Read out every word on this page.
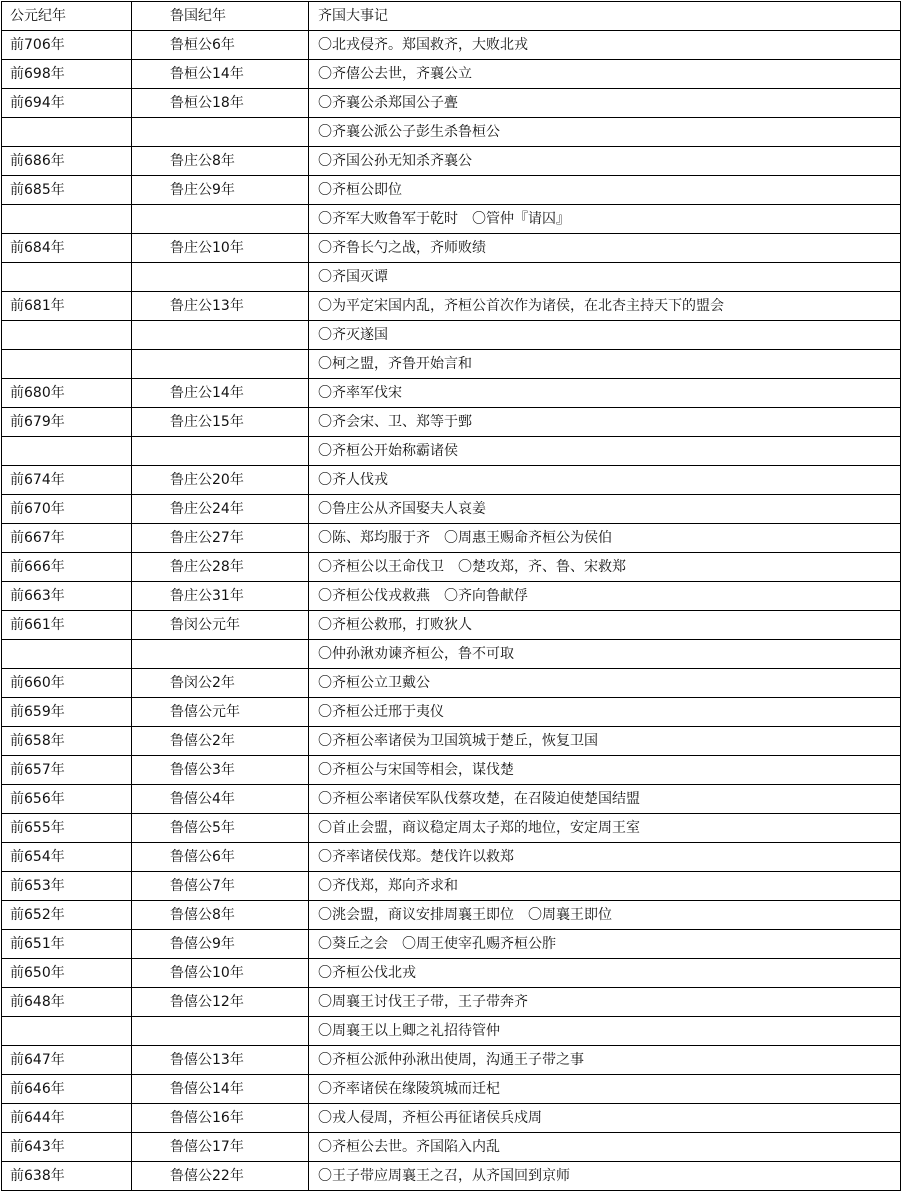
公元纪年	鲁国纪年	齐国大事记
前706年	鲁桓公6年	〇北戎侵齐。郑国救齐，大败北戎
前698年	鲁桓公14年	〇齐僖公去世，齐襄公立
前694年	鲁桓公18年	〇齐襄公杀郑国公子亹
		〇齐襄公派公子彭生杀鲁桓公
前686年	鲁庄公8年	〇齐国公孙无知杀齐襄公
前685年	鲁庄公9年	〇齐桓公即位
		〇齐军大败鲁军于乾时　〇管仲『请囚』
前684年	鲁庄公10年	〇齐鲁长勺之战，齐师败绩
		〇齐国灭谭
前681年	鲁庄公13年	〇为平定宋国内乱，齐桓公首次作为诸侯，在北杏主持天下的盟会
		〇齐灭遂国
		〇柯之盟，齐鲁开始言和
前680年	鲁庄公14年	〇齐率军伐宋
前679年	鲁庄公15年	〇齐会宋、卫、郑等于鄄
		〇齐桓公开始称霸诸侯
前674年	鲁庄公20年	〇齐人伐戎
前670年	鲁庄公24年	〇鲁庄公从齐国娶夫人哀姜
前667年	鲁庄公27年	〇陈、郑均服于齐　〇周惠王赐命齐桓公为侯伯
前666年	鲁庄公28年	〇齐桓公以王命伐卫　〇楚攻郑，齐、鲁、宋救郑
前663年	鲁庄公31年	〇齐桓公伐戎救燕　〇齐向鲁献俘
前661年	鲁闵公元年	〇齐桓公救邢，打败狄人
		〇仲孙湫劝谏齐桓公，鲁不可取
前660年	鲁闵公2年	〇齐桓公立卫戴公
前659年	鲁僖公元年	〇齐桓公迁邢于夷仪
前658年	鲁僖公2年	〇齐桓公率诸侯为卫国筑城于楚丘，恢复卫国
前657年	鲁僖公3年	〇齐桓公与宋国等相会，谋伐楚
前656年	鲁僖公4年	〇齐桓公率诸侯军队伐蔡攻楚，在召陵迫使楚国结盟
前655年	鲁僖公5年	〇首止会盟，商议稳定周太子郑的地位，安定周王室
前654年	鲁僖公6年	〇齐率诸侯伐郑。楚伐许以救郑
前653年	鲁僖公7年	〇齐伐郑，郑向齐求和
前652年	鲁僖公8年	〇洮会盟，商议安排周襄王即位　〇周襄王即位
前651年	鲁僖公9年	〇葵丘之会　〇周王使宰孔赐齐桓公胙
前650年	鲁僖公10年	〇齐桓公伐北戎
前648年	鲁僖公12年	〇周襄王讨伐王子带，王子带奔齐
		〇周襄王以上卿之礼招待管仲
前647年	鲁僖公13年	〇齐桓公派仲孙湫出使周，沟通王子带之事
前646年	鲁僖公14年	〇齐率诸侯在缘陵筑城而迁杞
前644年	鲁僖公16年	〇戎人侵周，齐桓公再征诸侯兵戍周
前643年	鲁僖公17年	〇齐桓公去世。齐国陷入内乱
前638年	鲁僖公22年	〇王子带应周襄王之召，从齐国回到京师
